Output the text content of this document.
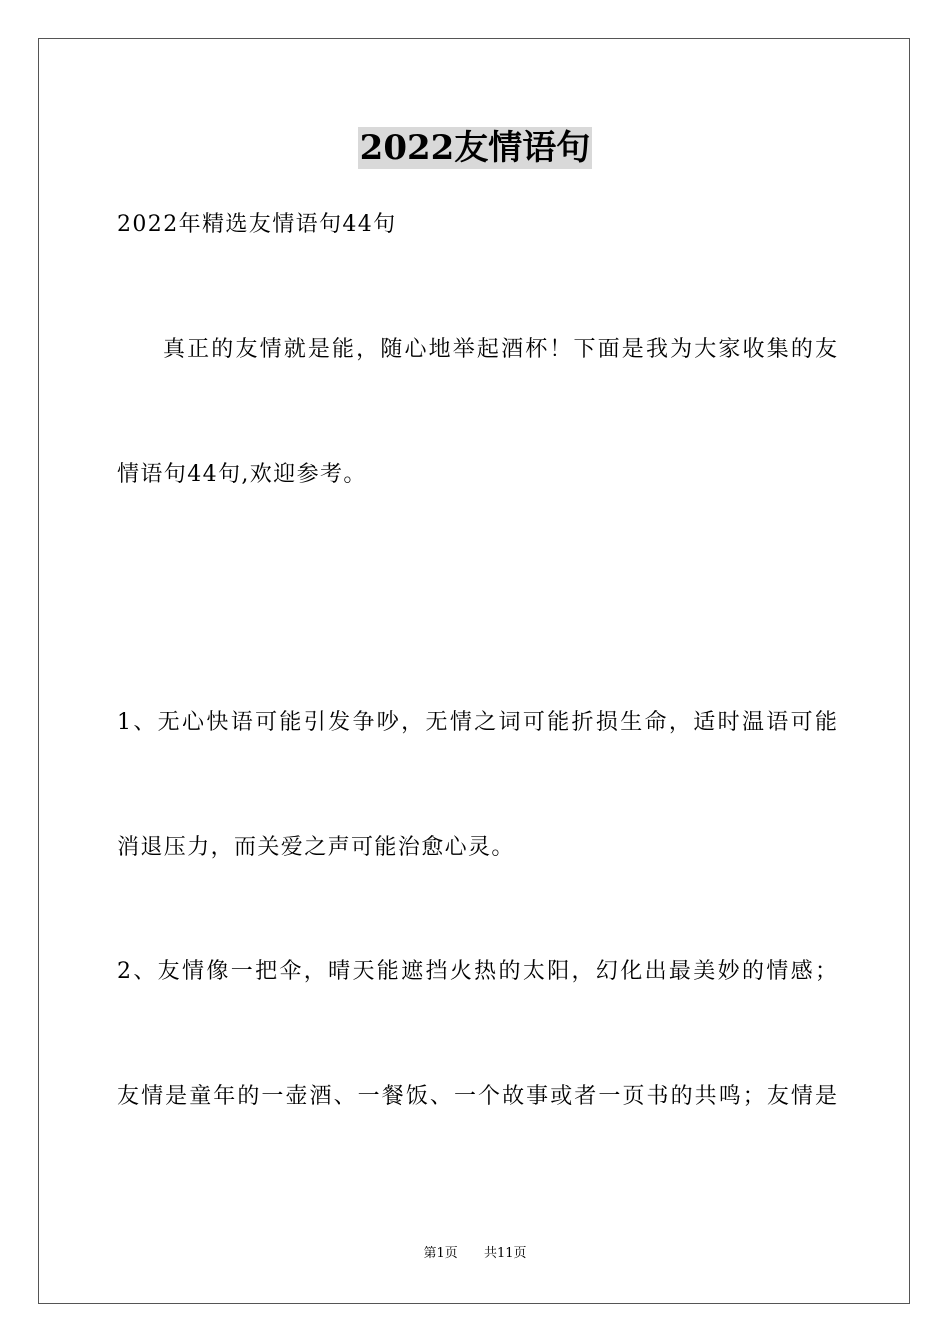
2022友情语句
2022年精选友情语句44句
真正的友情就是能，随心地举起酒杯！下面是我为大家收集的友
情语句44句,欢迎参考。
1、无心快语可能引发争吵，无情之词可能折损生命，适时温语可能
消退压力，而关爱之声可能治愈心灵。
2、友情像一把伞，晴天能遮挡火热的太阳，幻化出最美妙的情感；
友情是童年的一壶酒、一餐饭、一个故事或者一页书的共鸣；友情是
第1页 共11页
